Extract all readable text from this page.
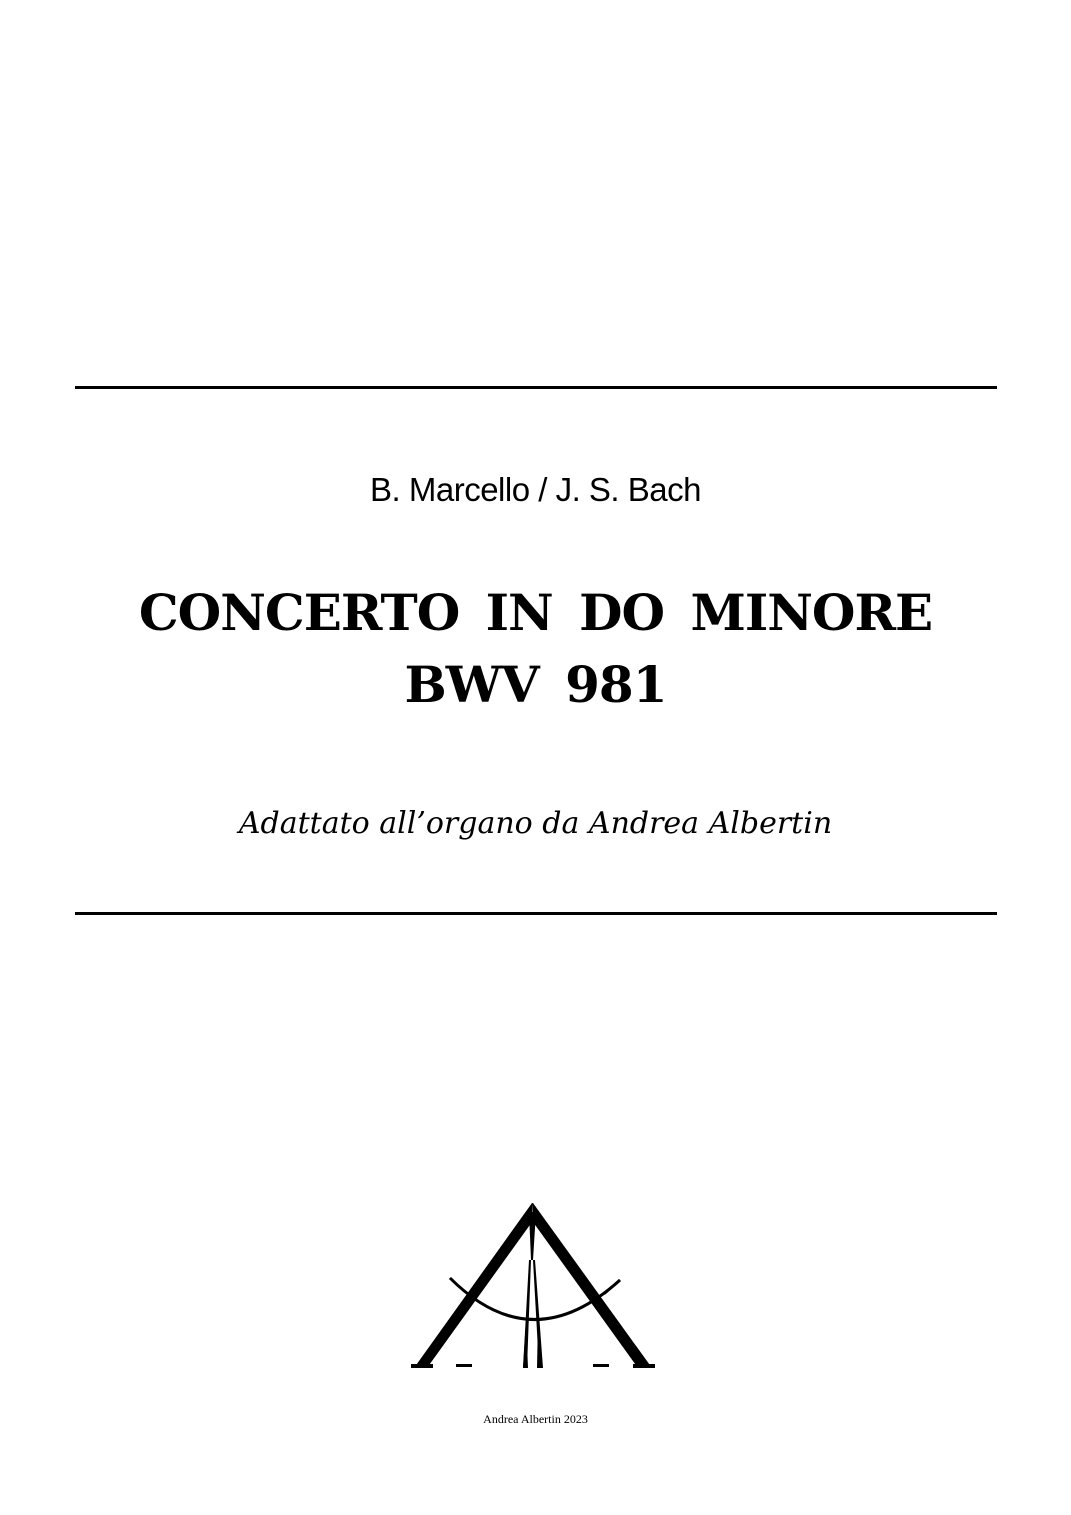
B. Marcello / J. S. Bach
CONCERTO IN DO MINORE
BWV 981
Adattato all’organo da Andrea Albertin
Andrea Albertin 2023
